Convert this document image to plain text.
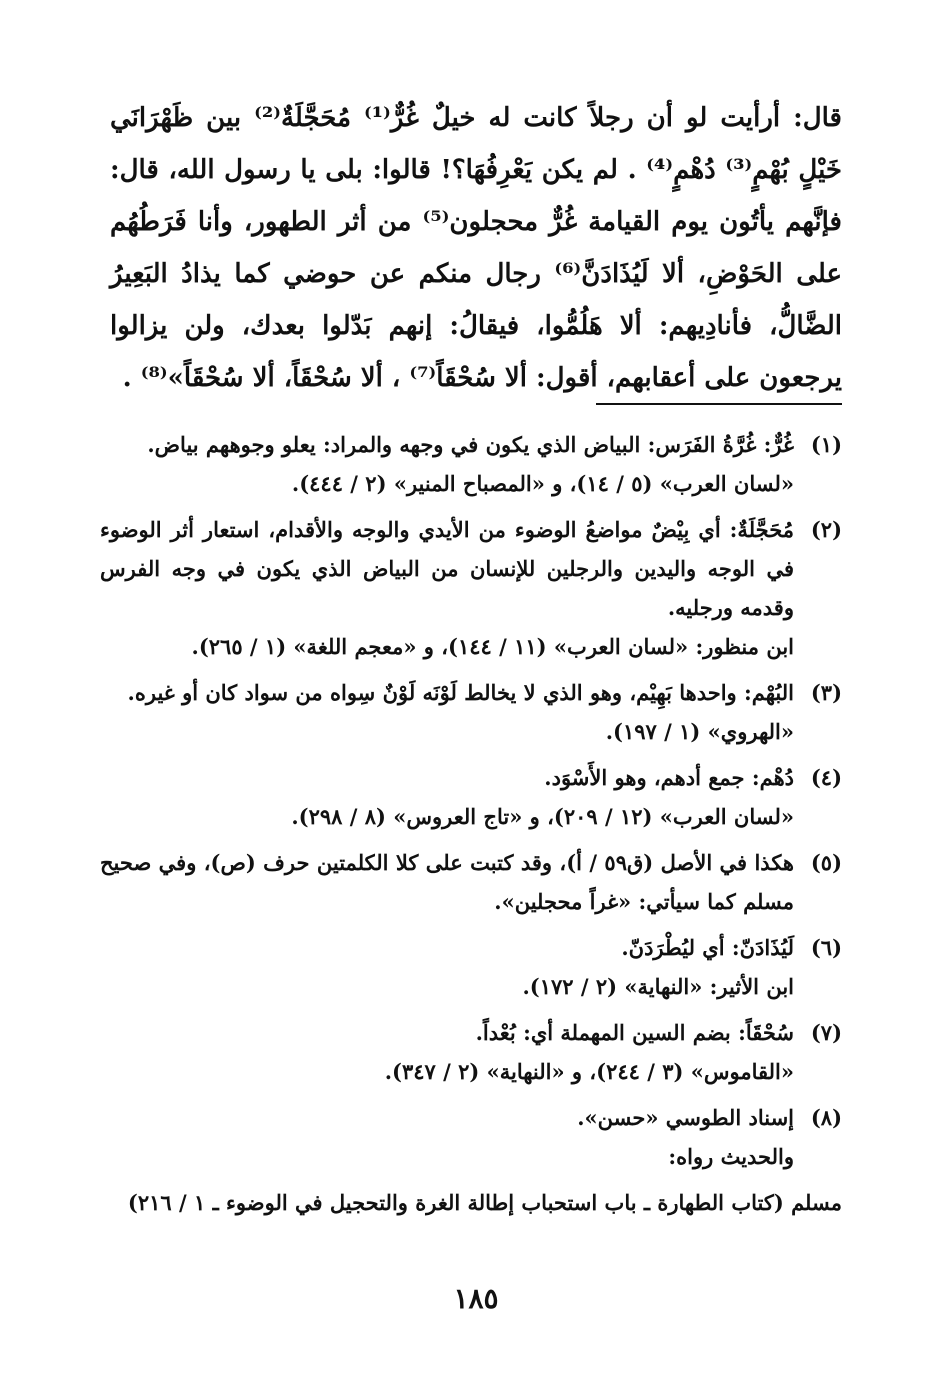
قال: أرأيت لو أن رجلاً كانت له خيلٌ غُرٌّ⁽¹⁾ مُحَجَّلَةٌ⁽²⁾ بين ظَهْرَانَي خَيْلٍ بُهْمٍ⁽³⁾ دُهْمٍ⁽⁴⁾ . لم يكن يَعْرِفُهَا؟! قالوا: بلى يا رسول الله، قال: فإنَّهم يأتُون يوم القيامة غُرٌّ محجلون⁽⁵⁾ من أثر الطهور، وأنا فَرَطُهُم على الحَوْضِ، ألا لَيُذَادَنَّ⁽⁶⁾ رجال منكم عن حوضي كما يذادُ البَعِيرُ الضَّالُّ، فأنادِيهم: ألا هَلُمُّوا، فيقالُ: إنهم بَدّلوا بعدك، ولن يزالوا يرجعون على أعقابهم، أقول: ألا سُحْقَاً⁽⁷⁾ ، ألا سُحْقَاً، ألا سُحْقَاً»⁽⁸⁾ .

(١)
غُرٌّ: غُرَّةُ الفَرَس: البياض الذي يكون في وجهه والمراد: يعلو وجوههم بياض.
«لسان العرب» (٥ / ١٤)، و «المصباح المنير» (٢ / ٤٤٤).
(٢)
مُحَجَّلَةٌ: أي بِيْضٌ مواضعُ الوضوء من الأيدي والوجه والأقدام، استعار أثر الوضوء في الوجه واليدين والرجلين للإنسان من البياض الذي يكون في وجه الفرس وقدمه ورجليه.
ابن منظور: «لسان العرب» (١١ / ١٤٤)، و «معجم اللغة» (١ / ٢٦٥).
(٣)
البُهْم: واحدها بَهِيْم، وهو الذي لا يخالط لَوْنَه لَوْنٌ سِواه من سواد كان أو غيره.
«الهروي» (١ / ١٩٧).
(٤)
دُهْم: جمع أدهم، وهو الأَسْوَد.
«لسان العرب» (١٢ / ٢٠٩)، و «تاج العروس» (٨ / ٢٩٨).
(٥)
هكذا في الأصل (ق٥٩ / أ)، وقد كتبت على كلا الكلمتين حرف (ص)، وفي صحيح مسلم كما سيأتي: «غراً محجلين».
(٦)
لَيُذَادَنّ: أي ليُطْرَدَنّ.
ابن الأثير: «النهاية» (٢ / ١٧٢).
(٧)
سُحْقَاً: بضم السين المهملة أي: بُعْداً.
«القاموس» (٣ / ٢٤٤)، و «النهاية» (٢ / ٣٤٧).
(٨)
إسناد الطوسي «حسن».
والحديث رواه:
مسلم (كتاب الطهارة ـ باب استحباب إطالة الغرة والتحجيل في الوضوء ـ ١ / ٢١٦)
١٨٥
